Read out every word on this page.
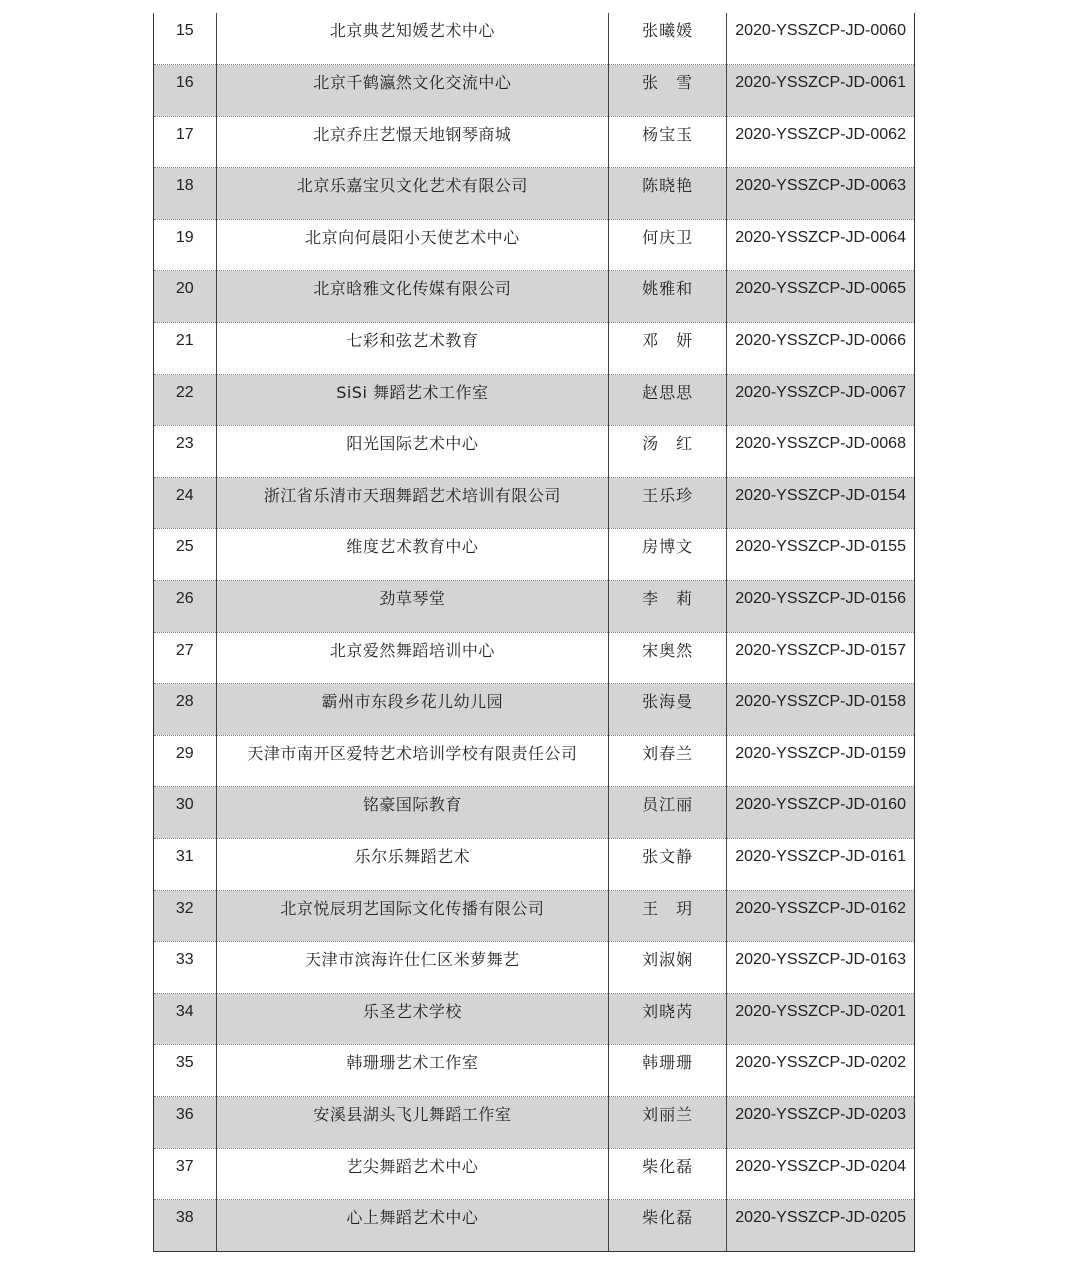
15	北京典艺知媛艺术中心	张曦媛	2020-YSSZCP-JD-0060
16	北京千鹤瀛然文化交流中心	张　雪	2020-YSSZCP-JD-0061
17	北京乔庄艺憬天地钢琴商城	杨宝玉	2020-YSSZCP-JD-0062
18	北京乐嘉宝贝文化艺术有限公司	陈晓艳	2020-YSSZCP-JD-0063
19	北京向何晨阳小天使艺术中心	何庆卫	2020-YSSZCP-JD-0064
20	北京晗雅文化传媒有限公司	姚雅和	2020-YSSZCP-JD-0065
21	七彩和弦艺术教育	邓　妍	2020-YSSZCP-JD-0066
22	SiSi 舞蹈艺术工作室	赵思思	2020-YSSZCP-JD-0067
23	阳光国际艺术中心	汤　红	2020-YSSZCP-JD-0068
24	浙江省乐清市天珚舞蹈艺术培训有限公司	王乐珍	2020-YSSZCP-JD-0154
25	维度艺术教育中心	房博文	2020-YSSZCP-JD-0155
26	劲草琴堂	李　莉	2020-YSSZCP-JD-0156
27	北京爱然舞蹈培训中心	宋奥然	2020-YSSZCP-JD-0157
28	霸州市东段乡花儿幼儿园	张海曼	2020-YSSZCP-JD-0158
29	天津市南开区爱特艺术培训学校有限责任公司	刘春兰	2020-YSSZCP-JD-0159
30	铭豪国际教育	员江丽	2020-YSSZCP-JD-0160
31	乐尔乐舞蹈艺术	张文静	2020-YSSZCP-JD-0161
32	北京悦辰玥艺国际文化传播有限公司	王　玥	2020-YSSZCP-JD-0162
33	天津市滨海许仕仁区米萝舞艺	刘淑娴	2020-YSSZCP-JD-0163
34	乐圣艺术学校	刘晓芮	2020-YSSZCP-JD-0201
35	韩珊珊艺术工作室	韩珊珊	2020-YSSZCP-JD-0202
36	安溪县湖头飞儿舞蹈工作室	刘丽兰	2020-YSSZCP-JD-0203
37	艺尖舞蹈艺术中心	柴化磊	2020-YSSZCP-JD-0204
38	心上舞蹈艺术中心	柴化磊	2020-YSSZCP-JD-0205
